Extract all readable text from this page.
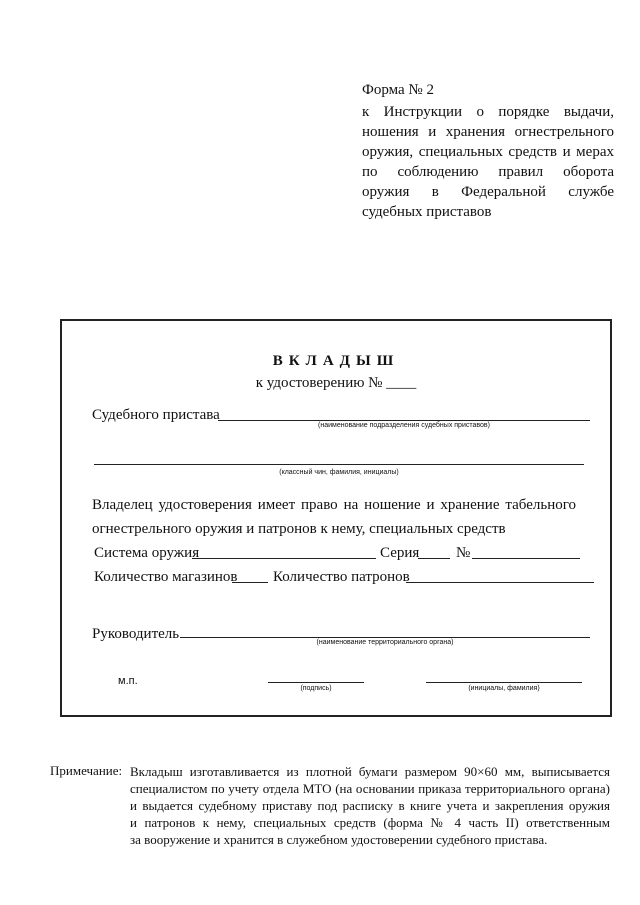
Форма № 2
к Инструкции о порядке выдачи,
ношения и хранения огнестрельного
оружия, специальных средств и мерах
по соблюдению правил оборота
оружия в Федеральной службе
судебных приставов
ВКЛАДЫШ
к удостоверению № ____
Судебного пристава
(наименование подразделения судебных приставов)
(классный чин, фамилия, инициалы)
Владелец удостоверения имеет право на ношение и хранение табельного
огнестрельного оружия и патронов к нему, специальных средств
Система оружия	Серия №
Количество магазинов Количество патронов
Руководитель
(наименование территориального органа)
м.п.
(подпись)	(инициалы, фамилия)
Примечание: Вкладыш изготавливается из плотной бумаги размером 90×60 мм, выписывается
специалистом по учету отдела МТО (на основании приказа территориального органа)
и выдается судебному приставу под расписку в книге учета и закрепления оружия
и патронов к нему, специальных средств (форма № 4 часть II) ответственным
за вооружение и хранится в служебном удостоверении судебного пристава.
